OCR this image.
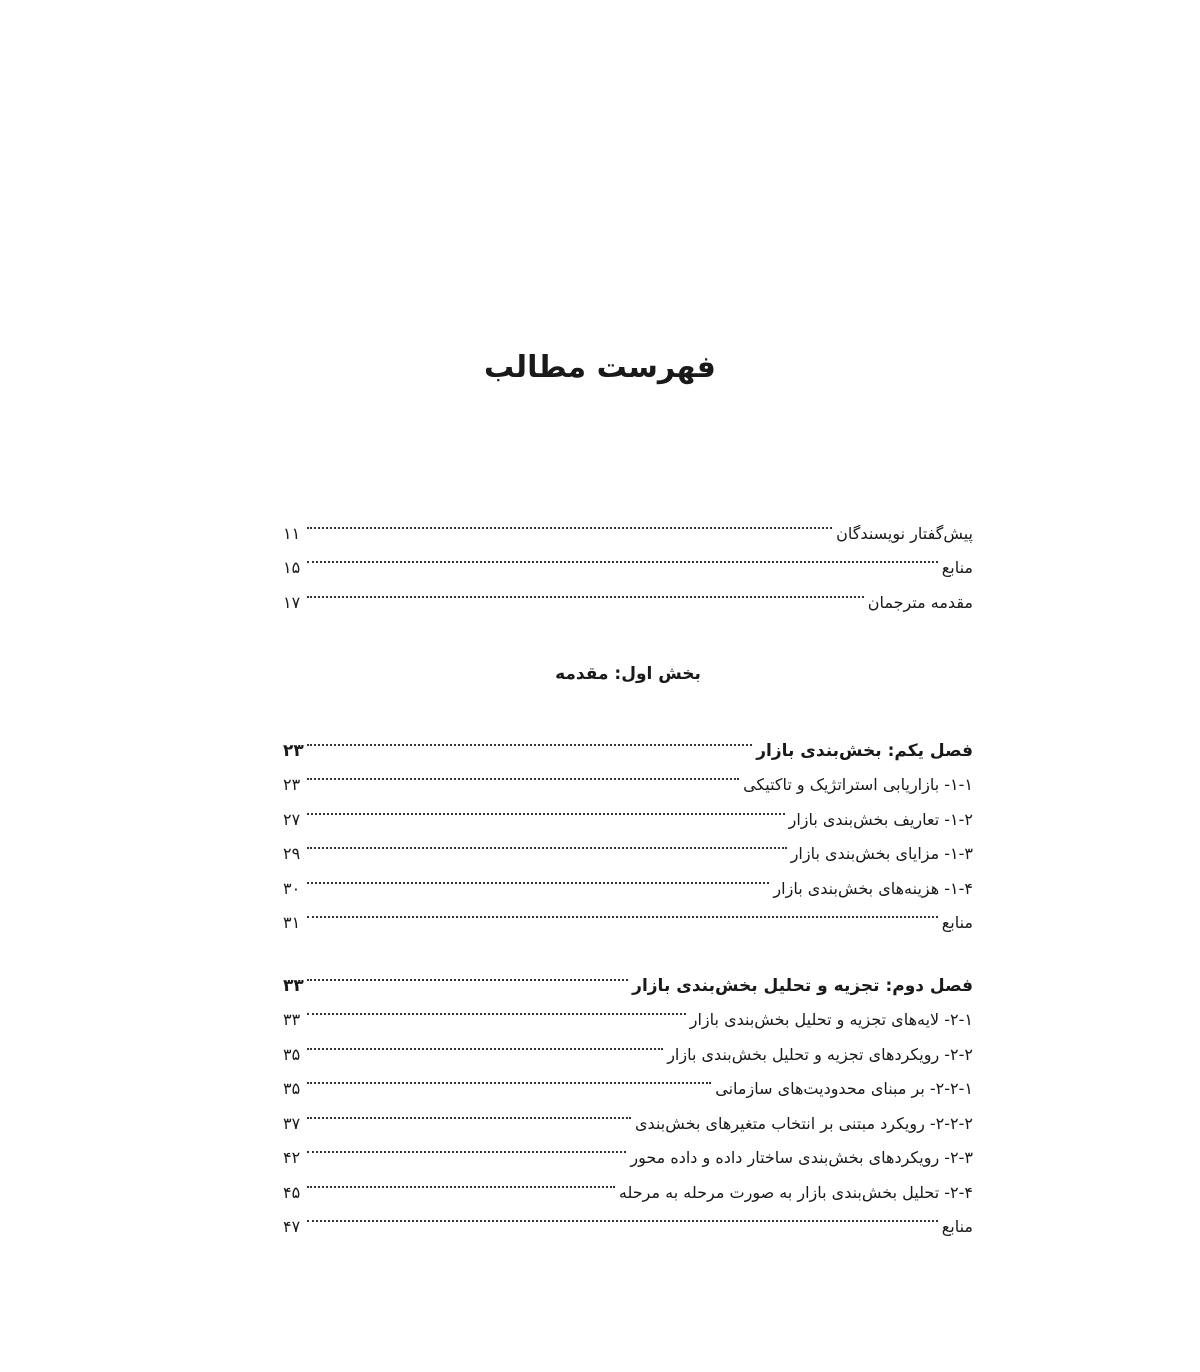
فهرست مطالب
پیش‌گفتار نویسندگان
۱۱
منابع
۱۵
مقدمه مترجمان
۱۷
بخش اول: مقدمه
فصل یکم: بخش‌بندی بازار
۲۳
۱-۱- بازاریابی استراتژیک و تاکتیکی
۲۳
۱-۲- تعاریف بخش‌بندی بازار
۲۷
۱-۳- مزایای بخش‌بندی بازار
۲۹
۱-۴- هزینه‌های بخش‌بندی بازار
۳۰
منابع
۳۱
فصل دوم: تجزیه و تحلیل بخش‌بندی بازار
۳۳
۲-۱- لایه‌های تجزیه و تحلیل بخش‌بندی بازار
۳۳
۲-۲- رویکردهای تجزیه و تحلیل بخش‌بندی بازار
۳۵
۲-۲-۱- بر مبنای محدودیت‌های سازمانی
۳۵
۲-۲-۲- رویکرد مبتنی بر انتخاب متغیرهای بخش‌بندی
۳۷
۲-۳- رویکردهای بخش‌بندی ساختار داده و داده محور
۴۲
۲-۴- تحلیل بخش‌بندی بازار به صورت مرحله به مرحله
۴۵
منابع
۴۷
